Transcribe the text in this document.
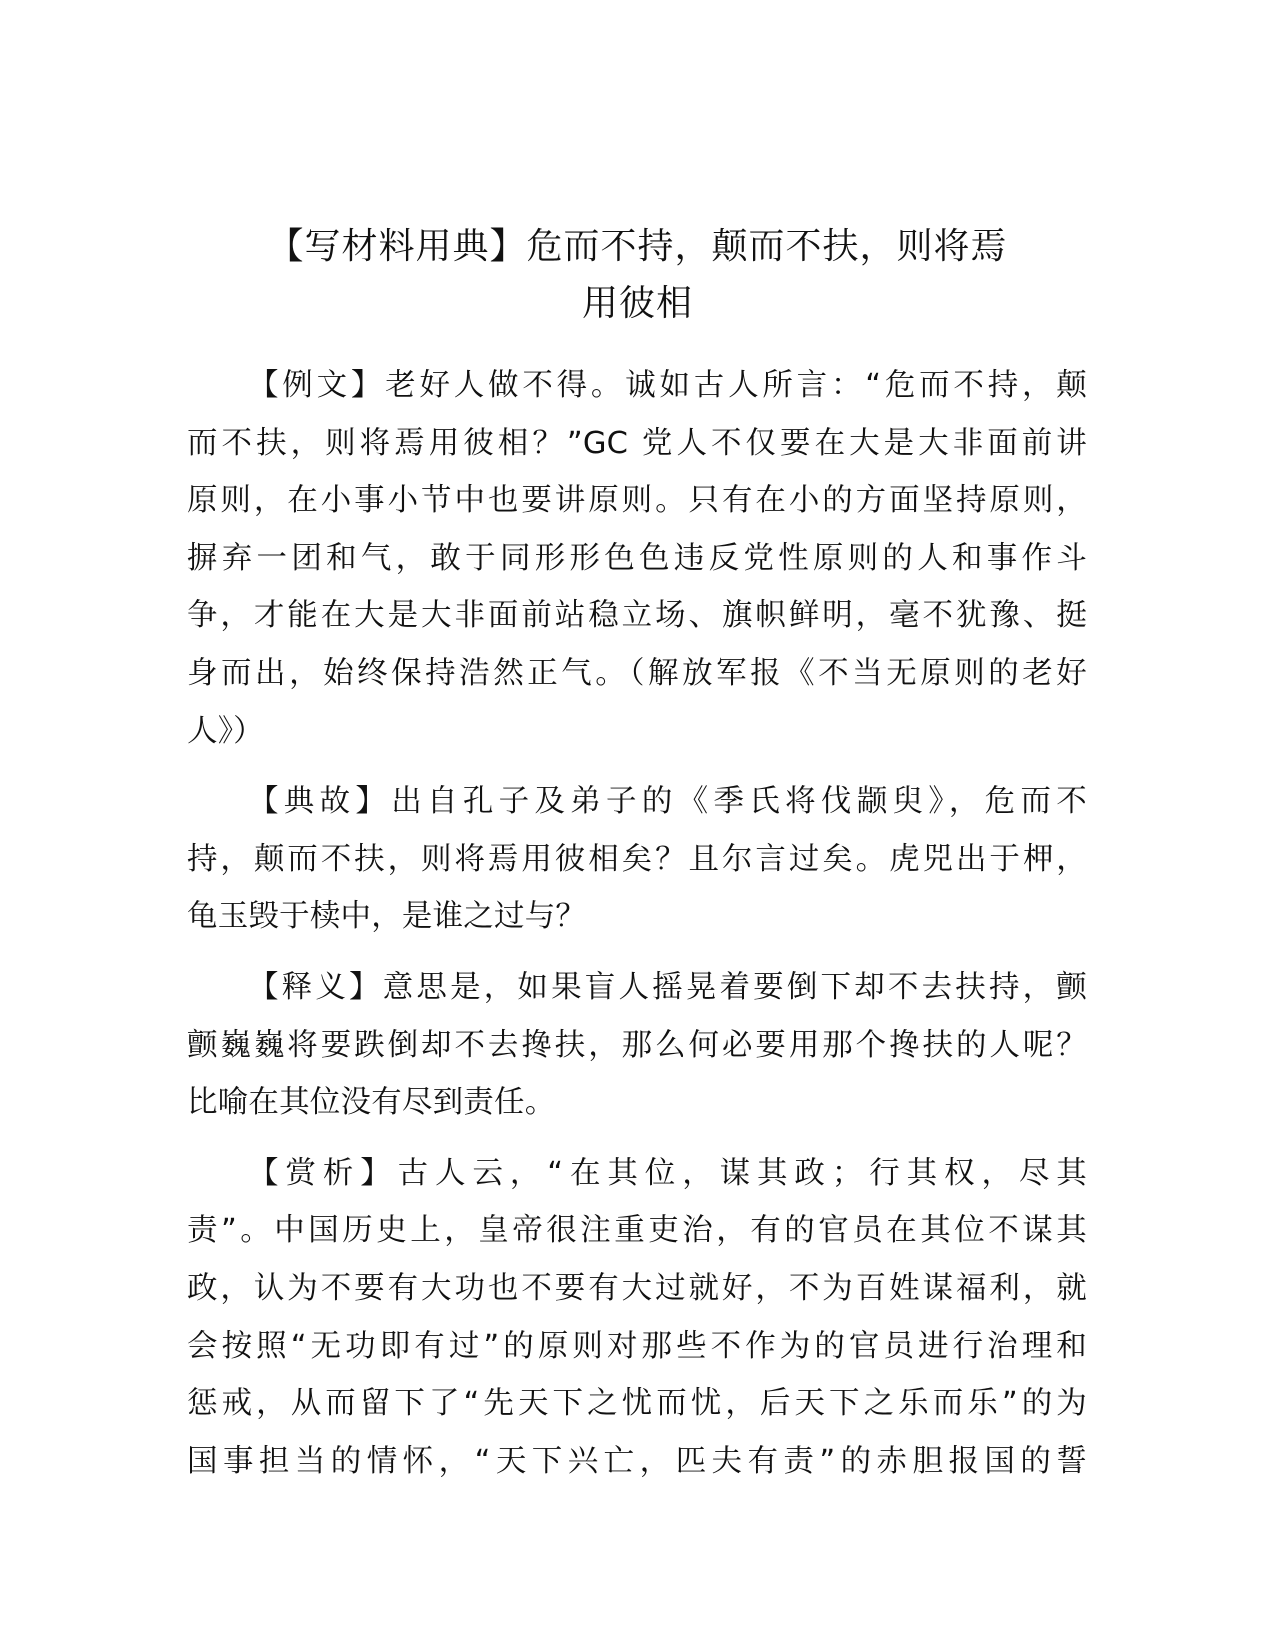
【写材料用典】危而不持，颠而不扶，则将焉
用彼相
【例文】老好人做不得。诚如古人所言：“危而不持，颠
而不扶，则将焉用彼相？”GC 党人不仅要在大是大非面前讲
原则，在小事小节中也要讲原则。只有在小的方面坚持原则，
摒弃一团和气，敢于同形形色色违反党性原则的人和事作斗
争，才能在大是大非面前站稳立场、旗帜鲜明，毫不犹豫、挺
身而出，始终保持浩然正气。（解放军报《不当无原则的老好
人》）
【典故】出自孔子及弟子的《季氏将伐颛臾》，危而不
持，颠而不扶，则将焉用彼相矣？且尔言过矣。虎兕出于柙，
龟玉毁于椟中，是谁之过与？
【释义】意思是，如果盲人摇晃着要倒下却不去扶持，颤
颤巍巍将要跌倒却不去搀扶，那么何必要用那个搀扶的人呢？
比喻在其位没有尽到责任。
【赏析】古人云，“在其位，谋其政；行其权，尽其
责”。中国历史上，皇帝很注重吏治，有的官员在其位不谋其
政，认为不要有大功也不要有大过就好，不为百姓谋福利，就
会按照“无功即有过”的原则对那些不作为的官员进行治理和
惩戒，从而留下了“先天下之忧而忧，后天下之乐而乐”的为
国事担当的情怀，“天下兴亡，匹夫有责”的赤胆报国的誓
